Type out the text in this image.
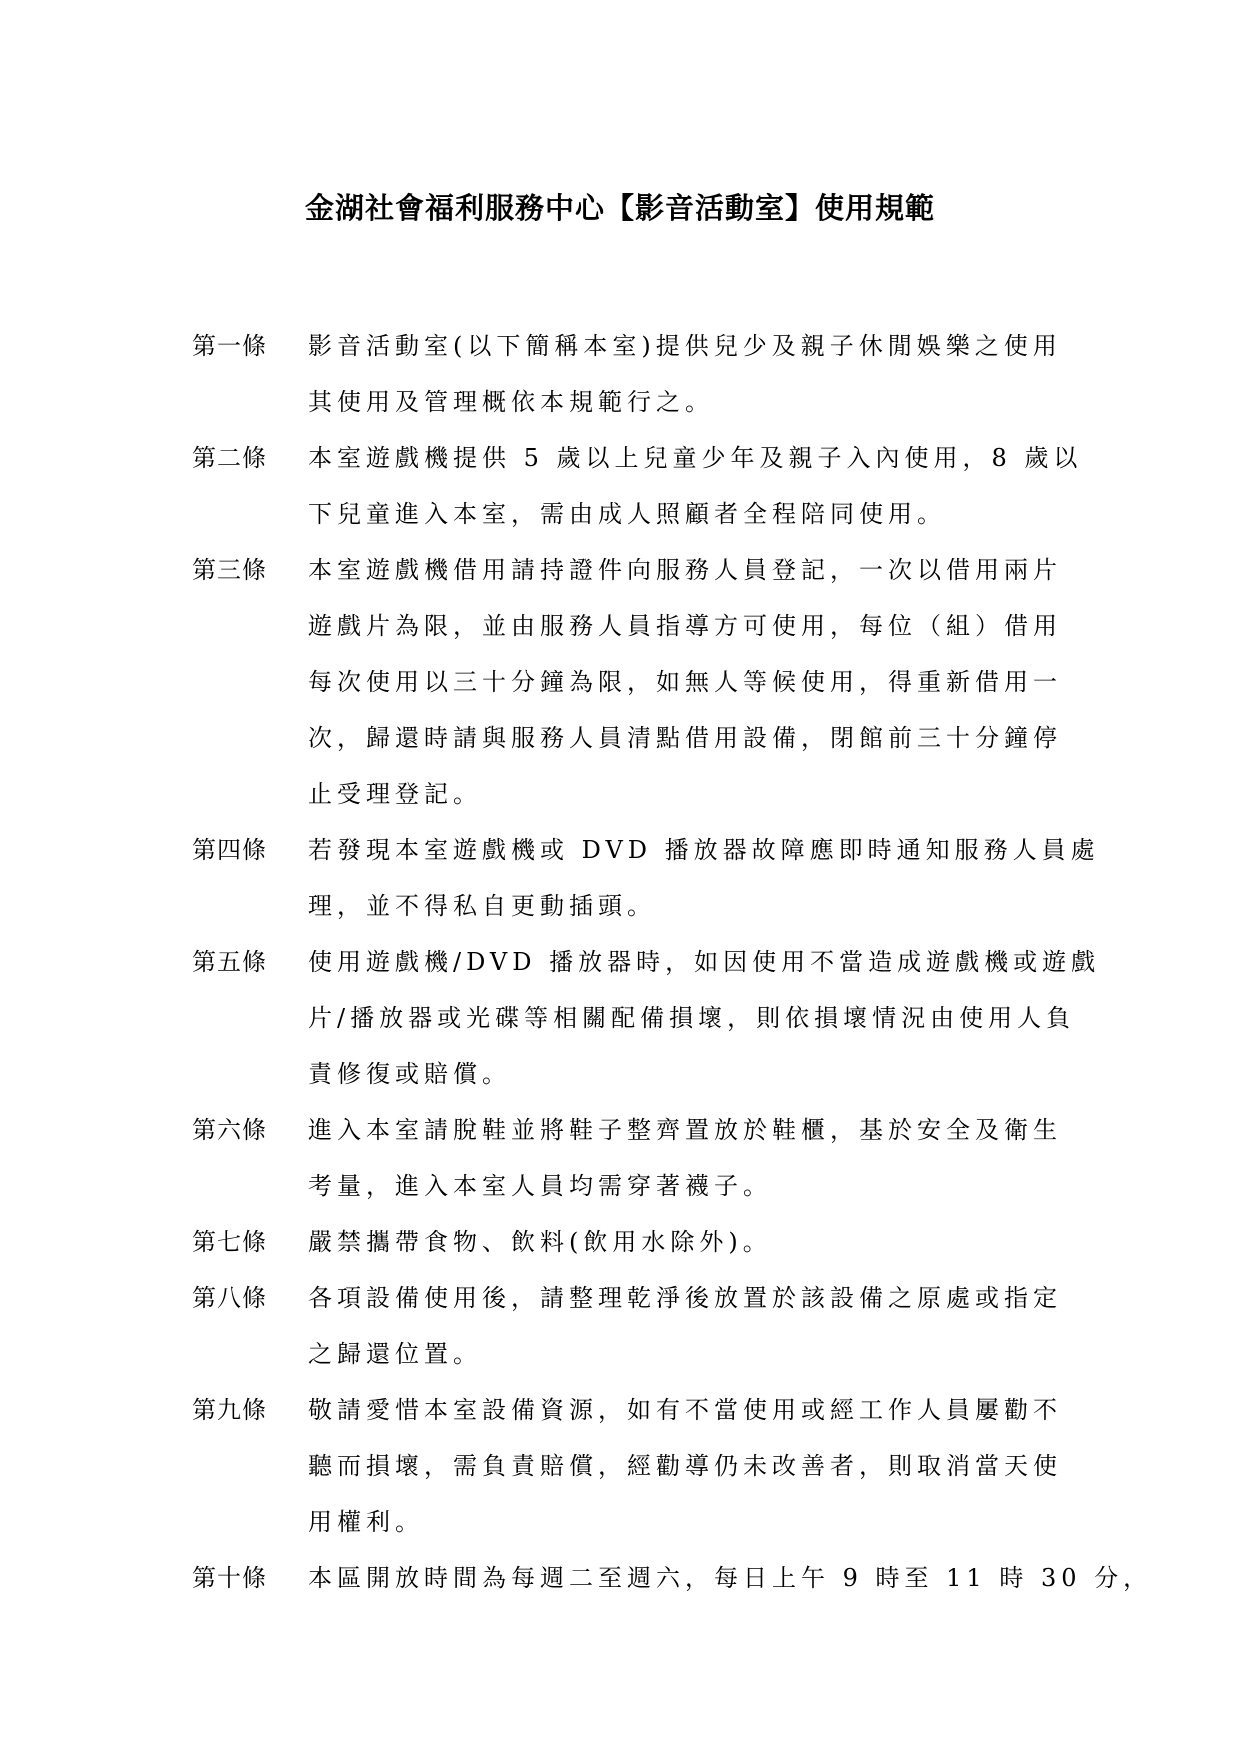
金湖社會福利服務中心【影音活動室】使用規範
第一條	影音活動室(以下簡稱本室)提供兒少及親子休閒娛樂之使用
其使用及管理概依本規範行之。
第二條	本室遊戲機提供 5 歲以上兒童少年及親子入內使用，8 歲以
下兒童進入本室，需由成人照顧者全程陪同使用。
第三條	本室遊戲機借用請持證件向服務人員登記，一次以借用兩片
遊戲片為限，並由服務人員指導方可使用，每位（組）借用
每次使用以三十分鐘為限，如無人等候使用，得重新借用一
次，歸還時請與服務人員清點借用設備，閉館前三十分鐘停
止受理登記。
第四條	若發現本室遊戲機或 DVD 播放器故障應即時通知服務人員處
理，並不得私自更動插頭。
第五條	使用遊戲機/DVD 播放器時，如因使用不當造成遊戲機或遊戲
片/播放器或光碟等相關配備損壞，則依損壞情況由使用人負
責修復或賠償。
第六條	進入本室請脫鞋並將鞋子整齊置放於鞋櫃，基於安全及衛生
考量，進入本室人員均需穿著襪子。
第七條	嚴禁攜帶食物、飲料(飲用水除外)。
第八條	各項設備使用後，請整理乾淨後放置於該設備之原處或指定
之歸還位置。
第九條	敬請愛惜本室設備資源，如有不當使用或經工作人員屢勸不
聽而損壞，需負責賠償，經勸導仍未改善者，則取消當天使
用權利。
第十條	本區開放時間為每週二至週六，每日上午 9 時至 11 時 30 分，
